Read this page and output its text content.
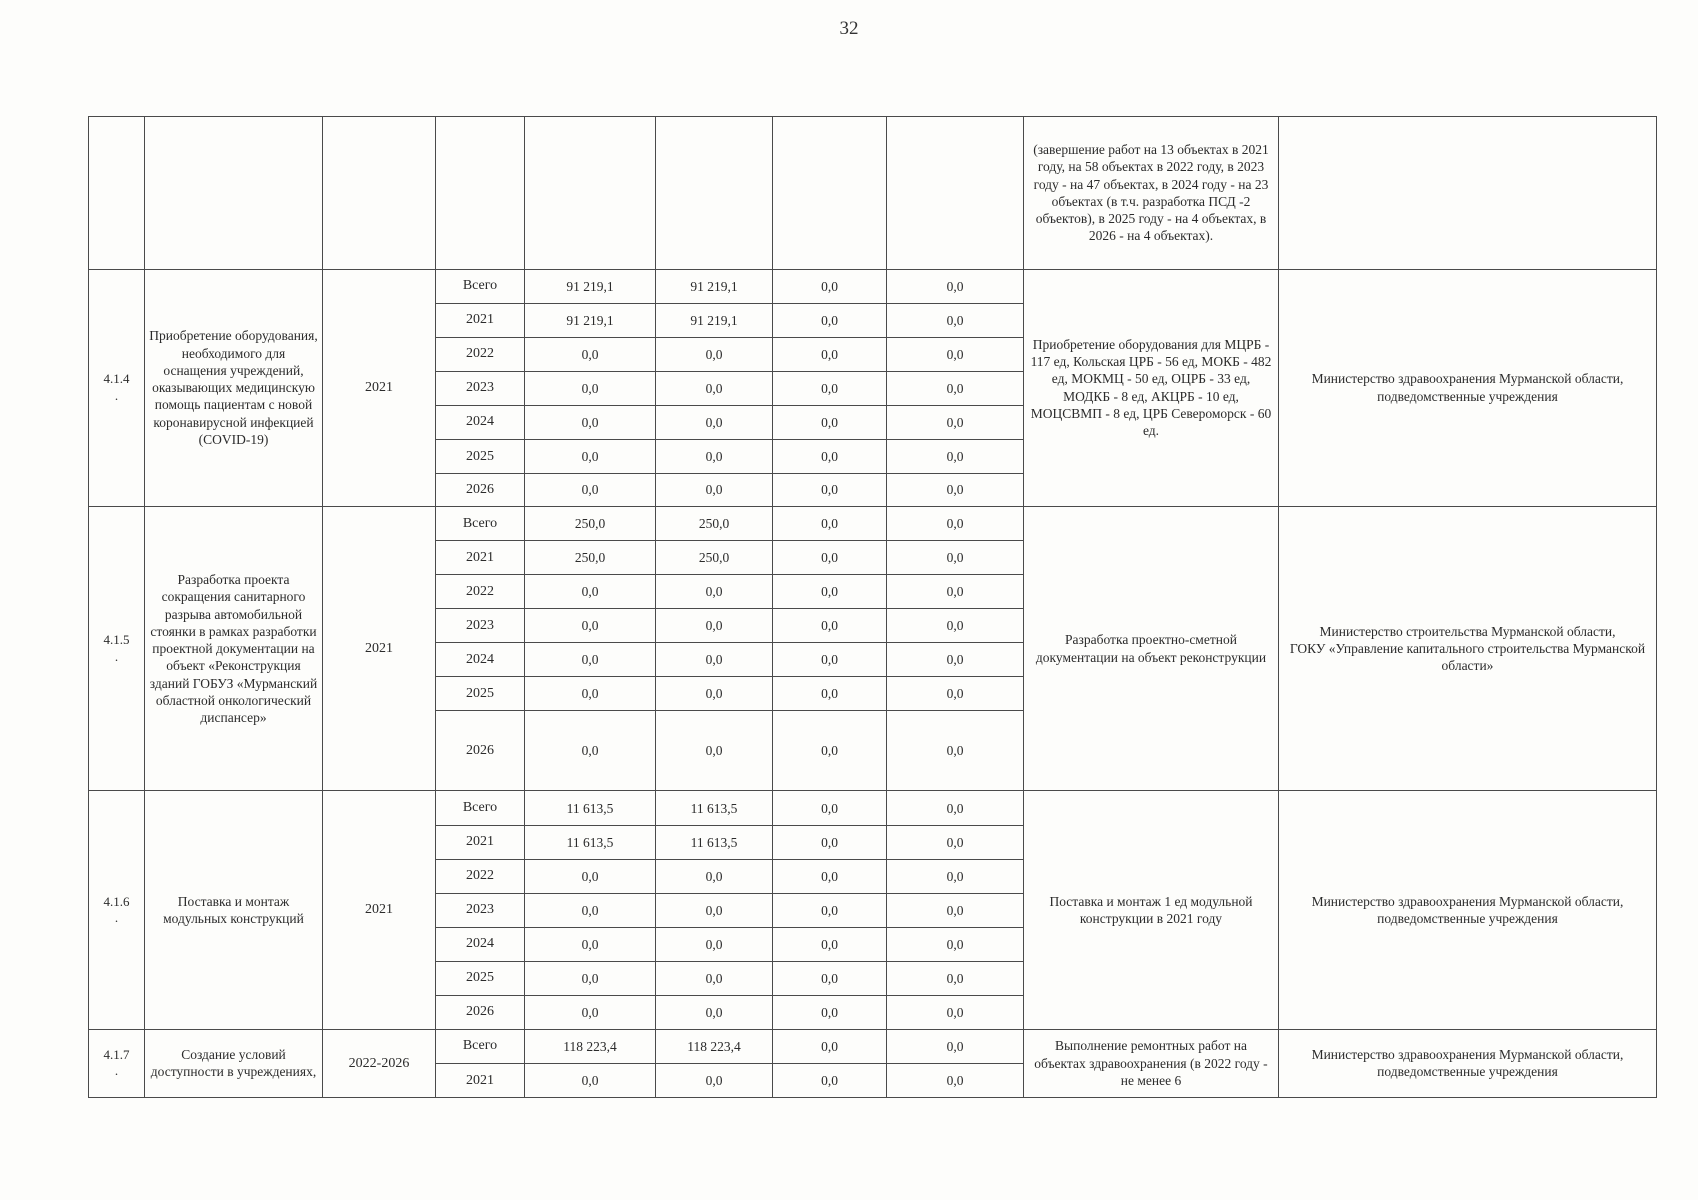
32
								(завершение работ на 13 объектах в 2021 году, на 58 объектах в 2022 году, в 2023 году - на 47 объектах, в 2024 году - на 23 объектах (в т.ч. разработка ПСД -2 объектов), в 2025 году - на 4 объектах, в 2026 - на 4 объектах).	
4.1.4
.	Приобретение оборудования, необходимого для оснащения учреждений, оказывающих медицинскую помощь пациентам с новой коронавирусной инфекцией (COVID-19)	2021	Всего	91 219,1	91 219,1	0,0	0,0	Приобретение оборудования для МЦРБ - 117 ед, Кольская ЦРБ - 56 ед, МОКБ - 482 ед, МОКМЦ - 50 ед, ОЦРБ - 33 ед, МОДКБ - 8 ед, АКЦРБ - 10 ед, МОЦСВМП - 8 ед, ЦРБ Североморск - 60 ед.	Министерство здравоохранения Мурманской области, подведомственные учреждения
			2021	91 219,1	91 219,1	0,0	0,0		
			2022	0,0	0,0	0,0	0,0		
			2023	0,0	0,0	0,0	0,0		
			2024	0,0	0,0	0,0	0,0		
			2025	0,0	0,0	0,0	0,0		
			2026	0,0	0,0	0,0	0,0		
4.1.5
.	Разработка проекта сокращения санитарного разрыва автомобильной стоянки в рамках разработки проектной документации на объект «Реконструкция зданий ГОБУЗ «Мурманский областной онкологический диспансер»	2021	Всего	250,0	250,0	0,0	0,0	Разработка проектно-сметной документации на объект реконструкции	Министерство строительства Мурманской области,
ГОКУ «Управление капитального строительства Мурманской области»
			2021	250,0	250,0	0,0	0,0		
			2022	0,0	0,0	0,0	0,0		
			2023	0,0	0,0	0,0	0,0		
			2024	0,0	0,0	0,0	0,0		
			2025	0,0	0,0	0,0	0,0		
			2026	0,0	0,0	0,0	0,0		
4.1.6
.	Поставка и монтаж модульных конструкций	2021	Всего	11 613,5	11 613,5	0,0	0,0	Поставка и монтаж 1 ед модульной конструкции в 2021 году	Министерство здравоохранения Мурманской области, подведомственные учреждения
			2021	11 613,5	11 613,5	0,0	0,0		
			2022	0,0	0,0	0,0	0,0		
			2023	0,0	0,0	0,0	0,0		
			2024	0,0	0,0	0,0	0,0		
			2025	0,0	0,0	0,0	0,0		
			2026	0,0	0,0	0,0	0,0		
4.1.7
.	Создание условий доступности в учреждениях,	2022-2026	Всего	118 223,4	118 223,4	0,0	0,0	Выполнение ремонтных работ на объектах здравоохранения (в 2022 году - не менее 6	Министерство здравоохранения Мурманской области, подведомственные учреждения
			2021	0,0	0,0	0,0	0,0		
